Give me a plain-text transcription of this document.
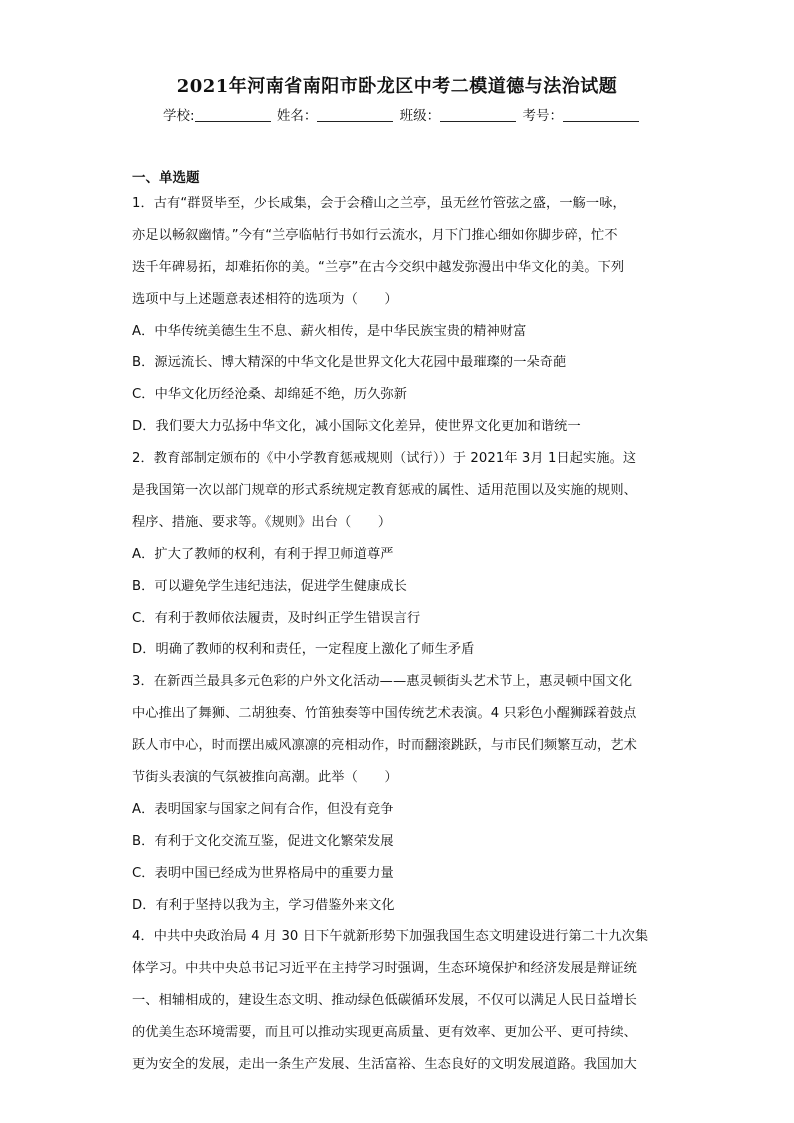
2021年河南省南阳市卧龙区中考二模道德与法治试题
学校:	姓名：	班级：	考号：
一、单选题
1．古有“群贤毕至，少长咸集，会于会稽山之兰亭，虽无丝竹管弦之盛，一觞一咏，
亦足以畅叙幽情。”今有“兰亭临帖行书如行云流水，月下门推心细如你脚步碎，忙不
迭千年碑易拓，却难拓你的美。“兰亭”在古今交织中越发弥漫出中华文化的美。下列
选项中与上述题意表述相符的选项为（　　）
A．中华传统美德生生不息、薪火相传，是中华民族宝贵的精神财富
B．源远流长、博大精深的中华文化是世界文化大花园中最璀璨的一朵奇葩
C．中华文化历经沧桑、却绵延不绝，历久弥新
D．我们要大力弘扬中华文化，减小国际文化差异，使世界文化更加和谐统一
2．教育部制定颁布的《中小学教育惩戒规则（试行））于 2021年 3月 1日起实施。这
是我国第一次以部门规章的形式系统规定教育惩戒的属性、适用范围以及实施的规则、
程序、措施、要求等。《规则》出台（　　）
A．扩大了教师的权利，有利于捍卫师道尊严
B．可以避免学生违纪违法，促进学生健康成长
C．有利于教师依法履责，及时纠正学生错误言行
D．明确了教师的权利和责任，一定程度上激化了师生矛盾
3．在新西兰最具多元色彩的户外文化活动——惠灵顿街头艺术节上，惠灵顿中国文化
中心推出了舞狮、二胡独奏、竹笛独奏等中国传统艺术表演。4 只彩色小醒狮踩着鼓点
跃人市中心，时而摆出威风凛凛的亮相动作，时而翻滚跳跃，与市民们频繁互动，艺术
节街头表演的气氛被推向高潮。此举（　　）
A．表明国家与国家之间有合作，但没有竞争
B．有利于文化交流互鉴，促进文化繁荣发展
C．表明中国已经成为世界格局中的重要力量
D．有利于坚持以我为主，学习借鉴外来文化
4．中共中央政治局 4 月 30 日下午就新形势下加强我国生态文明建设进行第二十九次集
体学习。中共中央总书记习近平在主持学习时强调，生态环境保护和经济发展是辩证统
一、相辅相成的，建设生态文明、推动绿色低碳循环发展，不仅可以满足人民日益增长
的优美生态环境需要，而且可以推动实现更高质量、更有效率、更加公平、更可持续、
更为安全的发展，走出一条生产发展、生活富裕、生态良好的文明发展道路。我国加大
